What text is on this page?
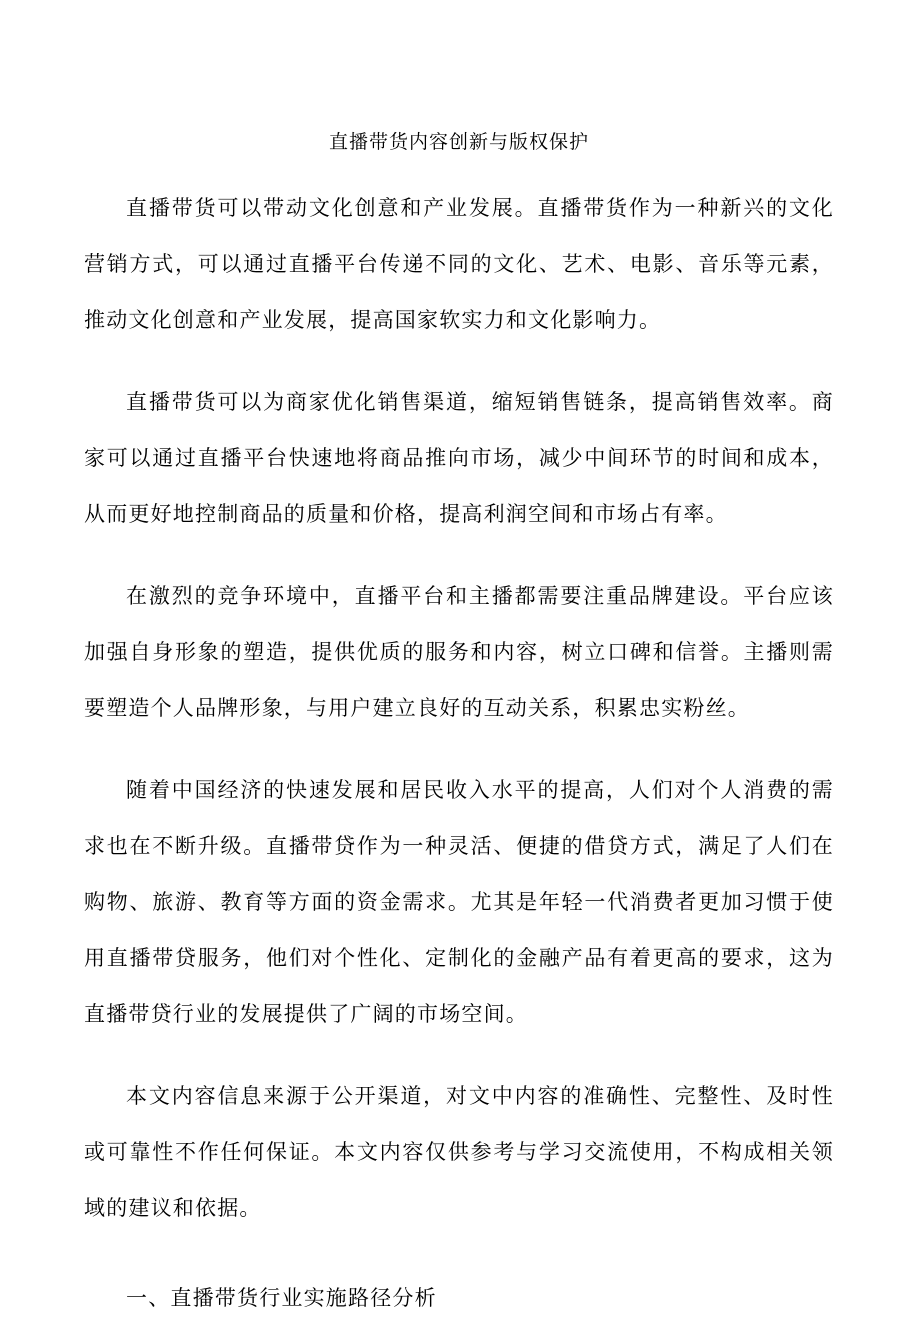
直播带货内容创新与版权保护

直播带货可以带动文化创意和产业发展。直播带货作为一种新兴的文化营销方式，可以通过直播平台传递不同的文化、艺术、电影、音乐等元素，推动文化创意和产业发展，提高国家软实力和文化影响力。

直播带货可以为商家优化销售渠道，缩短销售链条，提高销售效率。商家可以通过直播平台快速地将商品推向市场，减少中间环节的时间和成本，从而更好地控制商品的质量和价格，提高利润空间和市场占有率。

在激烈的竞争环境中，直播平台和主播都需要注重品牌建设。平台应该加强自身形象的塑造，提供优质的服务和内容，树立口碑和信誉。主播则需要塑造个人品牌形象，与用户建立良好的互动关系，积累忠实粉丝。

随着中国经济的快速发展和居民收入水平的提高，人们对个人消费的需求也在不断升级。直播带贷作为一种灵活、便捷的借贷方式，满足了人们在购物、旅游、教育等方面的资金需求。尤其是年轻一代消费者更加习惯于使用直播带贷服务，他们对个性化、定制化的金融产品有着更高的要求，这为直播带贷行业的发展提供了广阔的市场空间。

本文内容信息来源于公开渠道，对文中内容的准确性、完整性、及时性或可靠性不作任何保证。本文内容仅供参考与学习交流使用，不构成相关领域的建议和依据。

一、直播带货行业实施路径分析
